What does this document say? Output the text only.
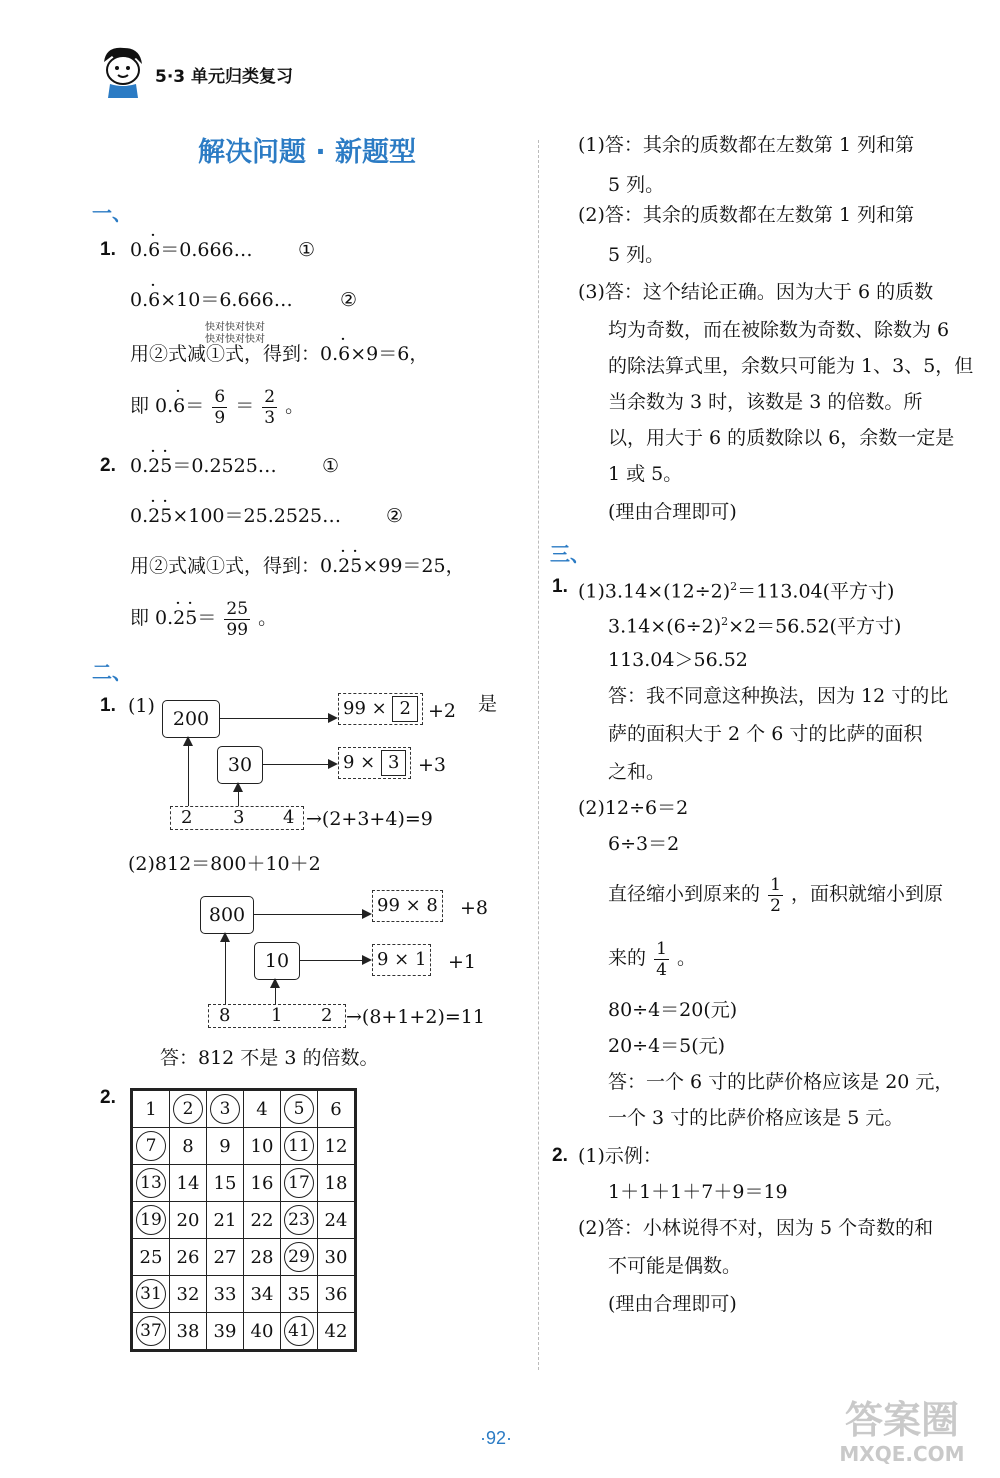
5·3 单元归类复习
解决问题 · 新题型
一、
1. 0.· 6＝0.666… ①
0.· 6×10＝6.666… ②
快对快对快对
快对快对快对
用②式减①式，得到：0.· 6×9＝6，
即 $0.\cdot 6= \frac{6}{9} = \frac{2}{3}$ 。
2. 0.· 2· 5＝0.2525… ①
0.· 2· 5×100＝25.2525… ②
用②式减①式，得到：0.· 2· 5×99＝25，
即 $0.\cdot 2\cdot 5= \frac{25}{99}$ 。
二、
1. (1)
200
30
99 × 2 +2 是
9 × 3 +3
2 3 4 →(2+3+4)=9
(2)812＝800＋10＋2
800
10
99 × 8 +8
9 × 1 +1
8 1 2 →(8+1+2)=11
答：812 不是 3 的倍数。
2.
1	2	3	4	5	6
7	8	9	10	11	12
13	14	15	16	17	18
19	20	21	22	23	24
25	26	27	28	29	30
31	32	33	34	35	36
37	38	39	40	41	42
(1)答：其余的质数都在左数第 1 列和第
5 列。
(2)答：其余的质数都在左数第 1 列和第
5 列。
(3)答：这个结论正确。因为大于 6 的质数
均为奇数，而在被除数为奇数、除数为 6
的除法算式里，余数只可能为 1、3、5，但
当余数为 3 时，该数是 3 的倍数。所
以，用大于 6 的质数除以 6，余数一定是
1 或 5。
(理由合理即可)
三、
1. $(1)3.14\times(12\div 2)^2=113.04$(平方寸)
$3.14\times(6\div 2)^2\times 2=56.52$(平方寸)
113.04＞56.52
答：我不同意这种换法，因为 12 寸的比
萨的面积大于 2 个 6 寸的比萨的面积
之和。
(2)12÷6＝2
6÷3＝2
直径缩小到原来的 $\frac{1}{2}$ ，面积就缩小到原
来的 $\frac{1}{4}$ 。
80÷4＝20(元)
20÷4＝5(元)
答：一个 6 寸的比萨价格应该是 20 元，
一个 3 寸的比萨价格应该是 5 元。
2. (1)示例：
1＋1＋1＋7＋9＝19
(2)答：小林说得不对，因为 5 个奇数的和
不可能是偶数。
(理由合理即可)
·92·	答案圈
MXQE.COM
